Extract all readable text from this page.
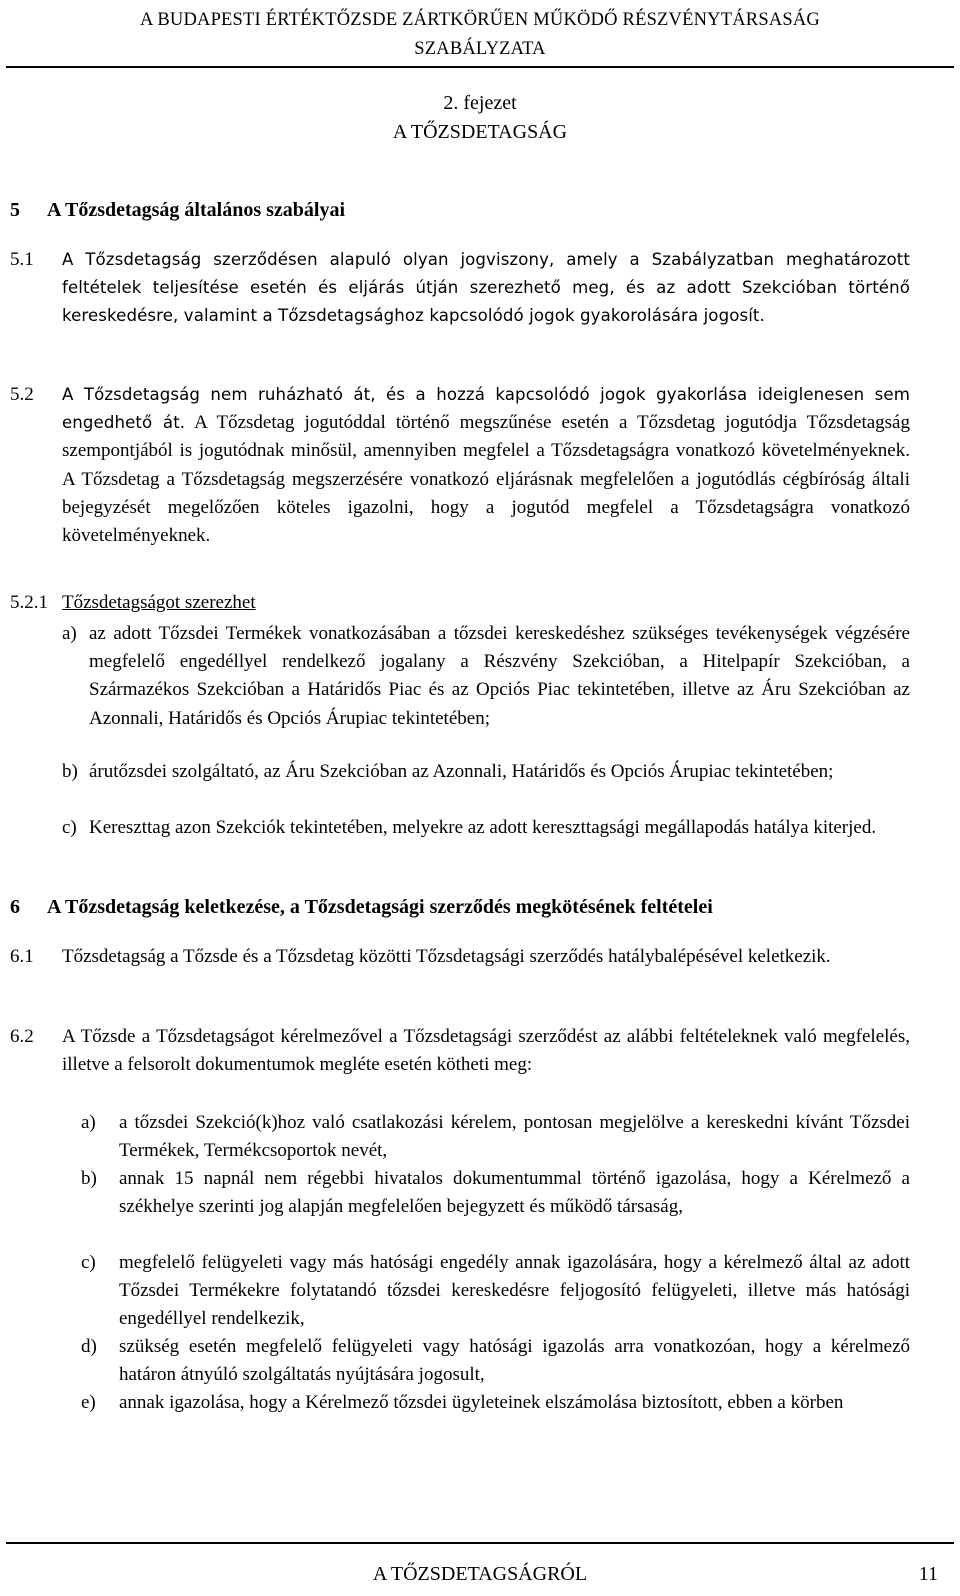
A BUDAPESTI ÉRTÉKTŐZSDE ZÁRTKÖRŰEN MŰKÖDŐ RÉSZVÉNYTÁRSASÁG
SZABÁLYZATA
2. fejezet
A TŐZSDETAGSÁG
5 A Tőzsdetagság általános szabályai
5.1 A Tőzsdetagság szerződésen alapuló olyan jogviszony, amely a Szabályzatban meghatározott feltételek teljesítése esetén és eljárás útján szerezhető meg, és az adott Szekcióban történő kereskedésre, valamint a Tőzsdetagsághoz kapcsolódó jogok gyakorolására jogosít.
5.2 A Tőzsdetagság nem ruházható át, és a hozzá kapcsolódó jogok gyakorlása ideiglenesen sem engedhető át. A Tőzsdetag jogutóddal történő megszűnése esetén a Tőzsdetag jogutódja Tőzsdetagság szempontjából is jogutódnak minősül, amennyiben megfelel a Tőzsdetagságra vonatkozó követelményeknek. A Tőzsdetag a Tőzsdetagság megszerzésére vonatkozó eljárásnak megfelelően a jogutódlás cégbíróság általi bejegyzését megelőzően köteles igazolni, hogy a jogutód megfelel a Tőzsdetagságra vonatkozó követelményeknek.
5.2.1 Tőzsdetagságot szerezhet
a) az adott Tőzsdei Termékek vonatkozásában a tőzsdei kereskedéshez szükséges tevékenységek végzésére megfelelő engedéllyel rendelkező jogalany a Részvény Szekcióban, a Hitelpapír Szekcióban, a Származékos Szekcióban a Határidős Piac és az Opciós Piac tekintetében, illetve az Áru Szekcióban az Azonnali, Határidős és Opciós Árupiac tekintetében;
b) árutőzsdei szolgáltató, az Áru Szekcióban az Azonnali, Határidős és Opciós Árupiac tekintetében;
c) Kereszttag azon Szekciók tekintetében, melyekre az adott kereszttagsági megállapodás hatálya kiterjed.
6 A Tőzsdetagság keletkezése, a Tőzsdetagsági szerződés megkötésének feltételei
6.1 Tőzsdetagság a Tőzsde és a Tőzsdetag közötti Tőzsdetagsági szerződés hatálybalépésével keletkezik.
6.2 A Tőzsde a Tőzsdetagságot kérelmezővel a Tőzsdetagsági szerződést az alábbi feltételeknek való megfelelés, illetve a felsorolt dokumentumok megléte esetén kötheti meg:
a) a tőzsdei Szekció(k)hoz való csatlakozási kérelem, pontosan megjelölve a kereskedni kívánt Tőzsdei Termékek, Termékcsoportok nevét,
b) annak 15 napnál nem régebbi hivatalos dokumentummal történő igazolása, hogy a Kérelmező a székhelye szerinti jog alapján megfelelően bejegyzett és működő társaság,
c) megfelelő felügyeleti vagy más hatósági engedély annak igazolására, hogy a kérelmező által az adott Tőzsdei Termékekre folytatandó tőzsdei kereskedésre feljogosító felügyeleti, illetve más hatósági engedéllyel rendelkezik,
d) szükség esetén megfelelő felügyeleti vagy hatósági igazolás arra vonatkozóan, hogy a kérelmező határon átnyúló szolgáltatás nyújtására jogosult,
e) annak igazolása, hogy a Kérelmező tőzsdei ügyleteinek elszámolása biztosított, ebben a körben
A TŐZSDETAGSÁGRÓL	11
